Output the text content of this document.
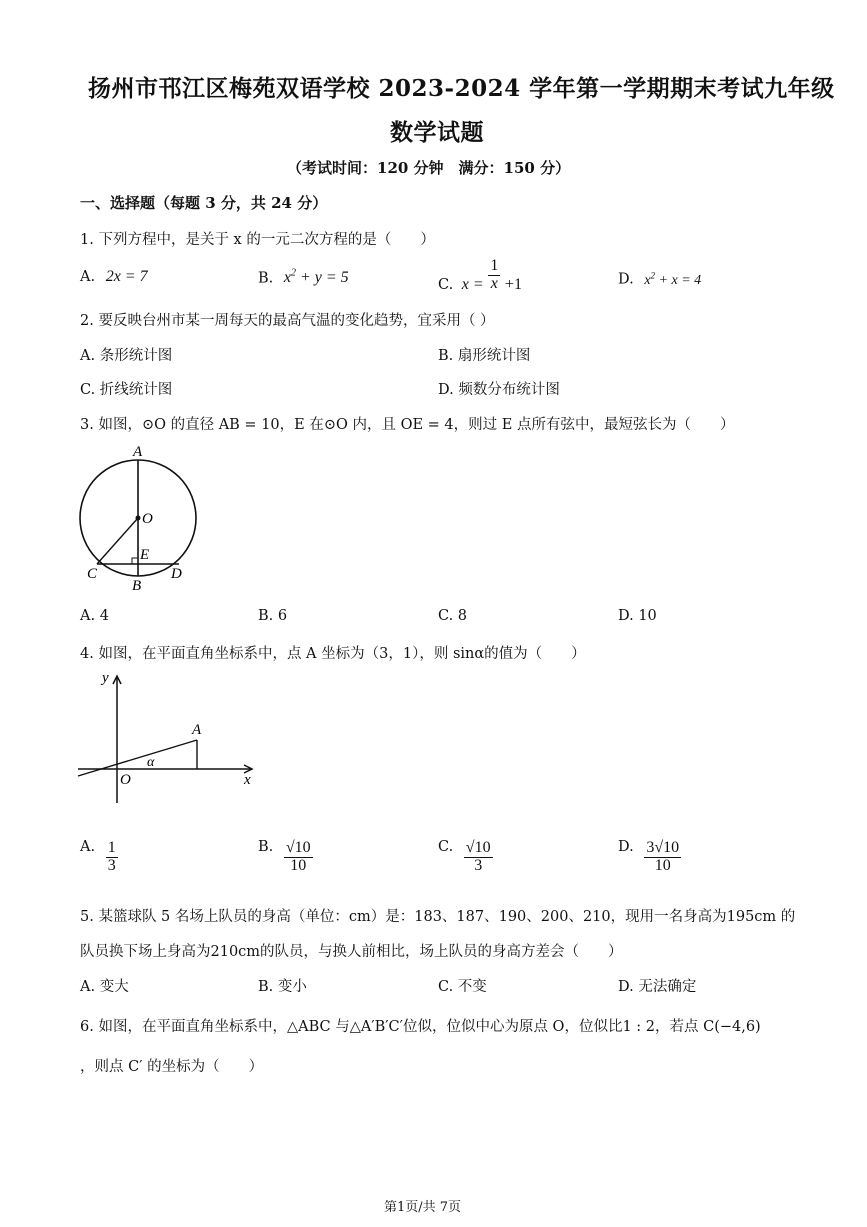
扬州市邗江区梅苑双语学校 2023-2024 学年第一学期期末考试九年级
数学试题
（考试时间：120 分钟　满分：150 分）
一、选择题（每题 3 分，共 24 分）
1. 下列方程中，是关于 x 的一元二次方程的是（　　）
A. 2x = 7	B. $x^2 + y = 5$	C. $x = \frac{1}{x} +1$	D. $x^2 + x = 4$
2. 要反映台州市某一周每天的最高气温的变化趋势，宜采用（ ）
A. 条形统计图	B. 扇形统计图
C. 折线统计图	D. 频数分布统计图
3. 如图，⊙O 的直径 AB = 10，E 在⊙O 内，且 OE = 4，则过 E 点所有弦中，最短弦长为（　　）
A
O
E
C
B
D
A. 4	B. 6	C. 8	D. 10
4. 如图，在平面直角坐标系中，点 A 坐标为（3，1），则 sinα的值为（　　）
y
A
α
O	x
A. $\frac{1}{3}$	B. $\frac{√10}{10}$	C. $\frac{√10}{3}$	D. $\frac{3√10}{10}$
5. 某篮球队 5 名场上队员的身高（单位：cm）是：183、187、190、200、210，现用一名身高为195cm 的
队员换下场上身高为210cm的队员，与换人前相比，场上队员的身高方差会（　　）
A. 变大	B. 变小	C. 不变	D. 无法确定
6. 如图，在平面直角坐标系中，△ABC 与△A′B′C′位似，位似中心为原点 O，位似比1 : 2，若点 C(−4,6)
，则点 C′ 的坐标为（　　）
第1页/共 7页
